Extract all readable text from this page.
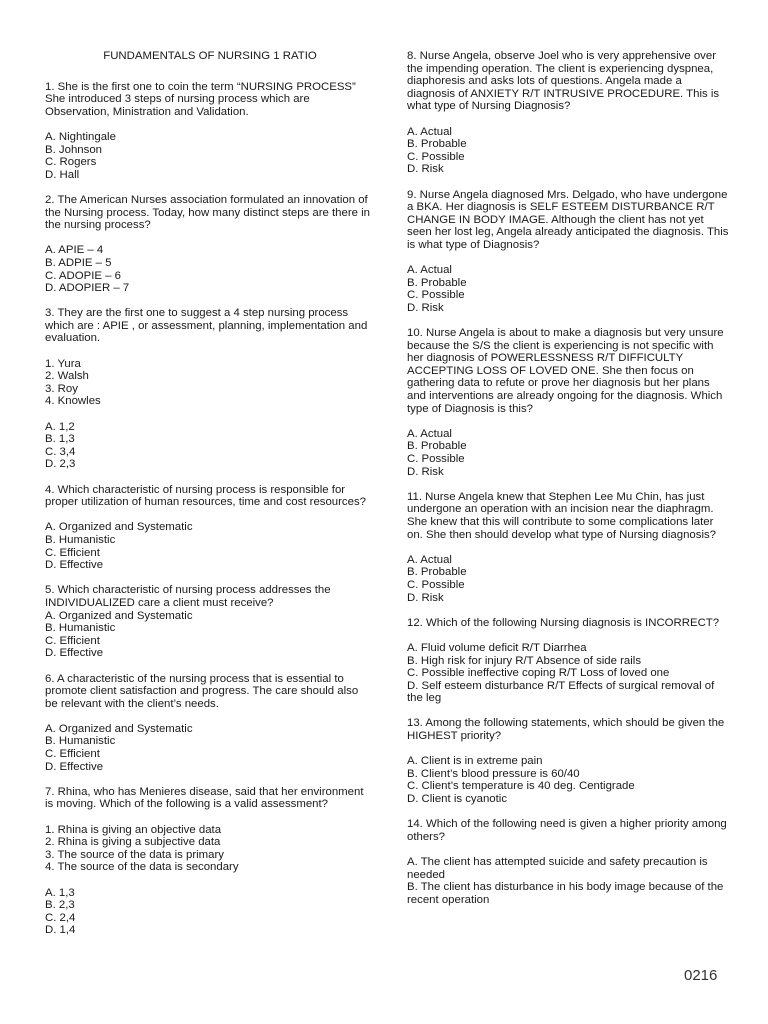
FUNDAMENTALS OF NURSING 1 RATIO
1. She is the first one to coin the term “NURSING PROCESS” She introduced 3 steps of nursing process which are Observation, Ministration and Validation.
A. Nightingale
B. Johnson
C. Rogers
D. Hall
2. The American Nurses association formulated an innovation of the Nursing process. Today, how many distinct steps are there in the nursing process?
A. APIE – 4
B. ADPIE – 5
C. ADOPIE – 6
D. ADOPIER – 7
3. They are the first one to suggest a 4 step nursing process which are : APIE , or assessment, planning, implementation and evaluation.
1. Yura
2. Walsh
3. Roy
4. Knowles
A. 1,2
B. 1,3
C. 3,4
D. 2,3
4. Which characteristic of nursing process is responsible for proper utilization of human resources, time and cost resources?
A. Organized and Systematic
B. Humanistic
C. Efficient
D. Effective
5. Which characteristic of nursing process addresses the INDIVIDUALIZED care a client must receive?
A. Organized and Systematic
B. Humanistic
C. Efficient
D. Effective
6. A characteristic of the nursing process that is essential to promote client satisfaction and progress. The care should also be relevant with the client’s needs.
A. Organized and Systematic
B. Humanistic
C. Efficient
D. Effective
7. Rhina, who has Menieres disease, said that her environment is moving. Which of the following is a valid assessment?
1. Rhina is giving an objective data
2. Rhina is giving a subjective data
3. The source of the data is primary
4. The source of the data is secondary
A. 1,3
B. 2,3
C. 2,4
D. 1,4
8. Nurse Angela, observe Joel who is very apprehensive over the impending operation. The client is experiencing dyspnea, diaphoresis and asks lots of questions. Angela made a diagnosis of ANXIETY R/T INTRUSIVE PROCEDURE. This is what type of Nursing Diagnosis?
A. Actual
B. Probable
C. Possible
D. Risk
9. Nurse Angela diagnosed Mrs. Delgado, who have undergone a BKA. Her diagnosis is SELF ESTEEM DISTURBANCE R/T CHANGE IN BODY IMAGE. Although the client has not yet seen her lost leg, Angela already anticipated the diagnosis. This is what type of Diagnosis?
A. Actual
B. Probable
C. Possible
D. Risk
10. Nurse Angela is about to make a diagnosis but very unsure because the S/S the client is experiencing is not specific with her diagnosis of POWERLESSNESS R/T DIFFICULTY ACCEPTING LOSS OF LOVED ONE. She then focus on gathering data to refute or prove her diagnosis but her plans and interventions are already ongoing for the diagnosis. Which type of Diagnosis is this?
A. Actual
B. Probable
C. Possible
D. Risk
11. Nurse Angela knew that Stephen Lee Mu Chin, has just undergone an operation with an incision near the diaphragm. She knew that this will contribute to some complications later on. She then should develop what type of Nursing diagnosis?
A. Actual
B. Probable
C. Possible
D. Risk
12. Which of the following Nursing diagnosis is INCORRECT?
A. Fluid volume deficit R/T Diarrhea
B. High risk for injury R/T Absence of side rails
C. Possible ineffective coping R/T Loss of loved one
D. Self esteem disturbance R/T Effects of surgical removal of the leg
13. Among the following statements, which should be given the HIGHEST priority?
A. Client is in extreme pain
B. Client’s blood pressure is 60/40
C. Client’s temperature is 40 deg. Centigrade
D. Client is cyanotic
14. Which of the following need is given a higher priority among others?
A. The client has attempted suicide and safety precaution is needed
B. The client has disturbance in his body image because of the recent operation
0216
